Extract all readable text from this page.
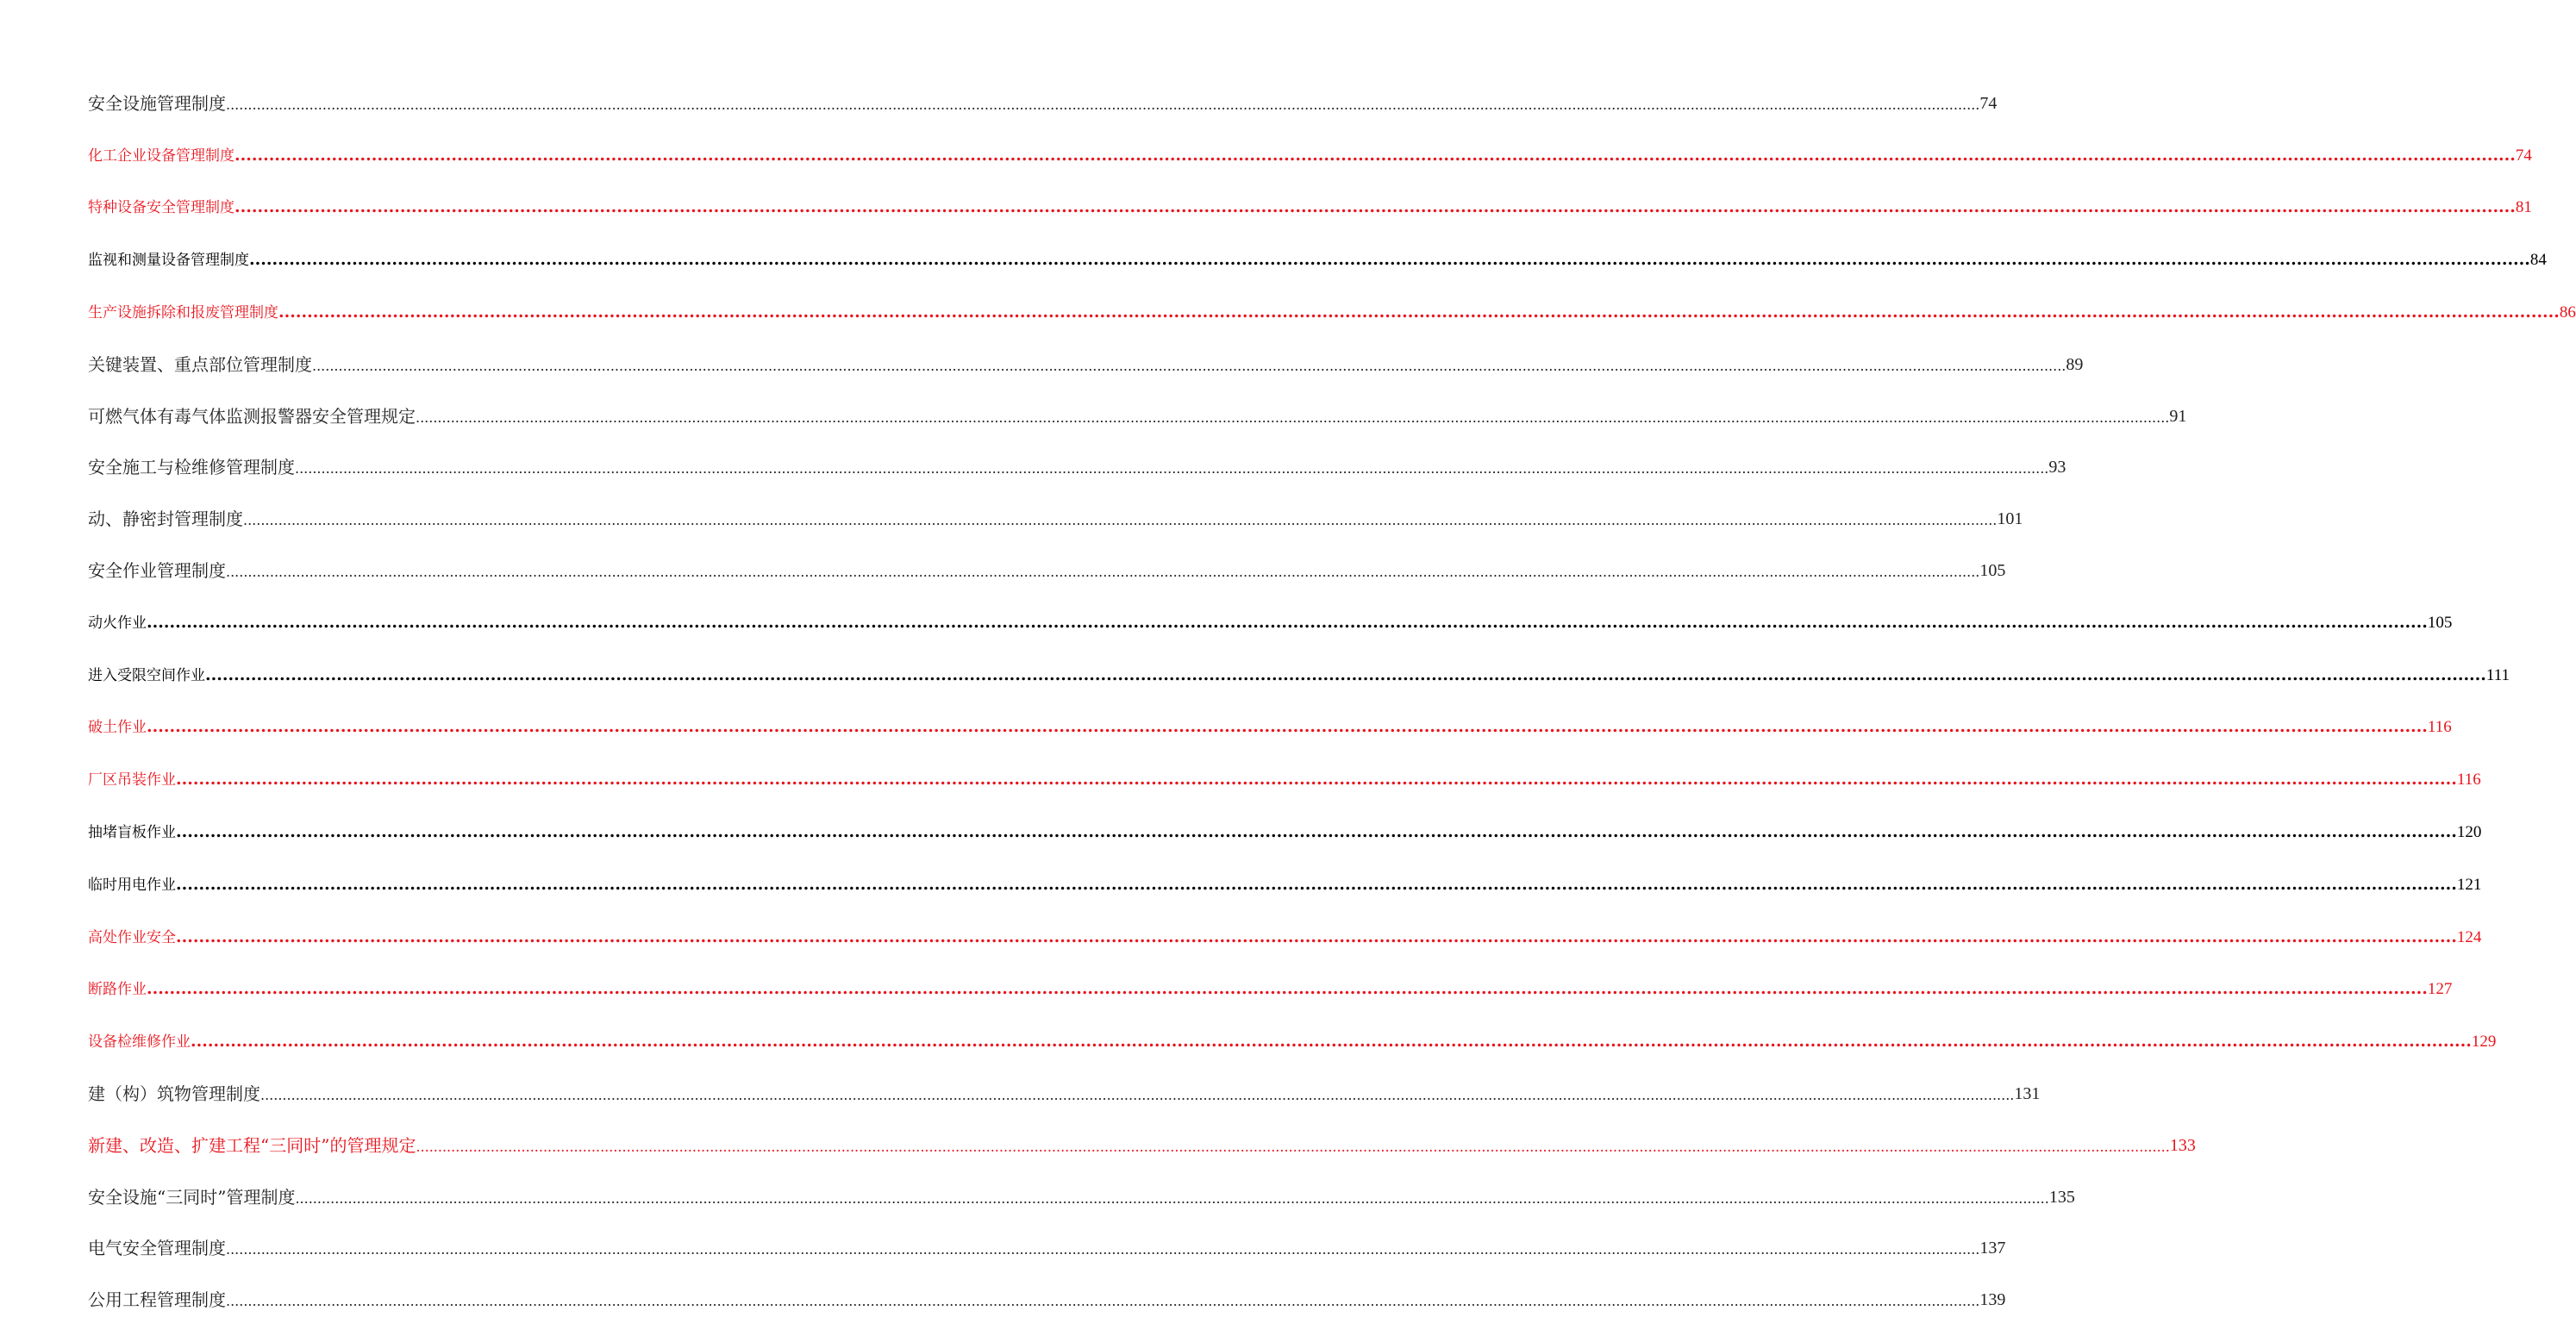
安全设施管理制度 ................................................................................................................................................................................................................................................................................................................................................................................................................ 74
化工企业设备管理制度 ................................................................................................................................................................................................................................................................................................................................................................................................................ 74
特种设备安全管理制度 ................................................................................................................................................................................................................................................................................................................................................................................................................ 81
监视和测量设备管理制度 ................................................................................................................................................................................................................................................................................................................................................................................................................ 84
生产设施拆除和报废管理制度 ................................................................................................................................................................................................................................................................................................................................................................................................................ 86
关键装置、重点部位管理制度 ................................................................................................................................................................................................................................................................................................................................................................................................................ 89
可燃气体有毒气体监测报警器安全管理规定 ................................................................................................................................................................................................................................................................................................................................................................................................................ 91
安全施工与检维修管理制度 ................................................................................................................................................................................................................................................................................................................................................................................................................ 93
动、静密封管理制度 ................................................................................................................................................................................................................................................................................................................................................................................................................ 101
安全作业管理制度 ................................................................................................................................................................................................................................................................................................................................................................................................................ 105
动火作业 ................................................................................................................................................................................................................................................................................................................................................................................................................ 105
进入受限空间作业 ................................................................................................................................................................................................................................................................................................................................................................................................................ 111
破土作业 ................................................................................................................................................................................................................................................................................................................................................................................................................ 116
厂区吊装作业 ................................................................................................................................................................................................................................................................................................................................................................................................................ 116
抽堵盲板作业 ................................................................................................................................................................................................................................................................................................................................................................................................................ 120
临时用电作业 ................................................................................................................................................................................................................................................................................................................................................................................................................ 121
高处作业安全 ................................................................................................................................................................................................................................................................................................................................................................................................................ 124
断路作业 ................................................................................................................................................................................................................................................................................................................................................................................................................ 127
设备检维修作业 ................................................................................................................................................................................................................................................................................................................................................................................................................ 129
建（构）筑物管理制度 ................................................................................................................................................................................................................................................................................................................................................................................................................ 131
新建、改造、扩建工程“三同时”的管理规定 ................................................................................................................................................................................................................................................................................................................................................................................................................ 133
安全设施“三同时”管理制度 ................................................................................................................................................................................................................................................................................................................................................................................................................ 135
电气安全管理制度 ................................................................................................................................................................................................................................................................................................................................................................................................................ 137
公用工程管理制度 ................................................................................................................................................................................................................................................................................................................................................................................................................ 139
